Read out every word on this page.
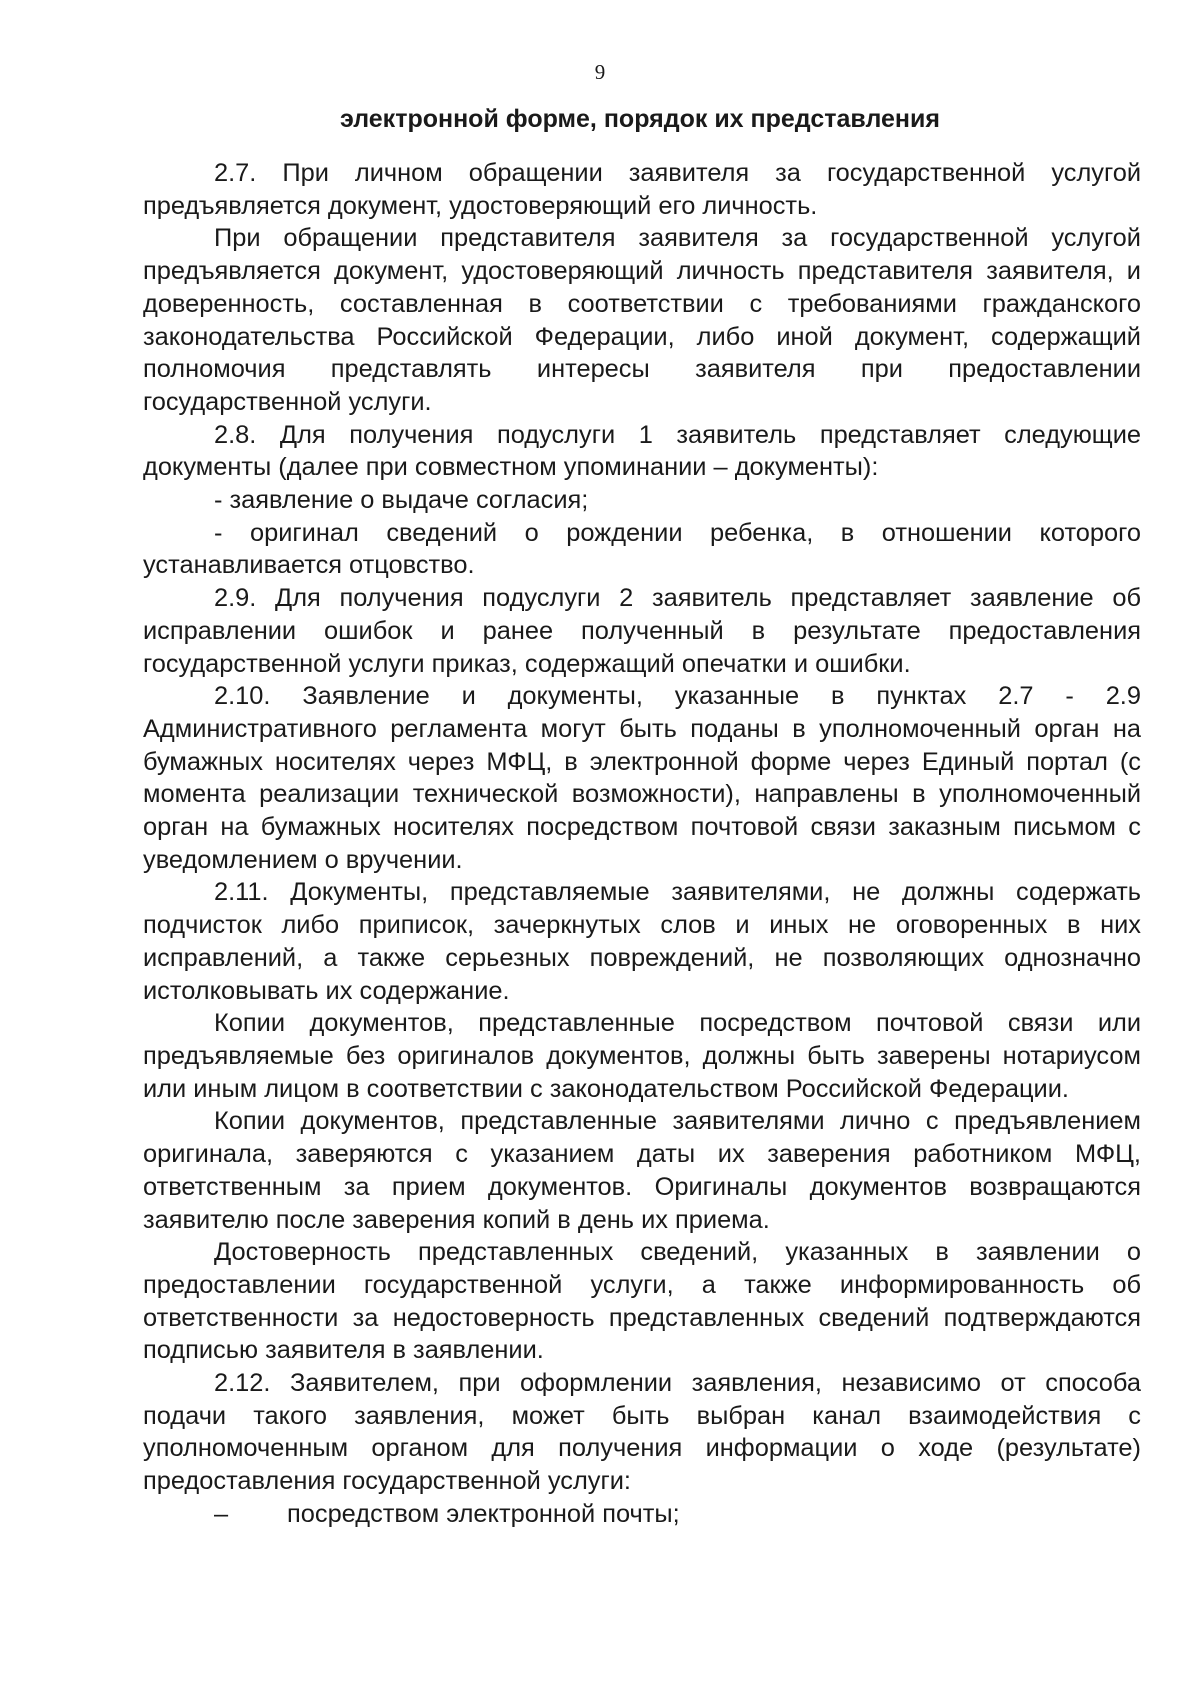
9
электронной форме, порядок их представления

2.7. При личном обращении заявителя за государственной услугой предъявляется документ, удостоверяющий его личность.

При обращении представителя заявителя за государственной услугой предъявляется документ, удостоверяющий личность представителя заявителя, и доверенность, составленная в соответствии с требованиями гражданского законодательства Российской Федерации, либо иной документ, содержащий полномочия представлять интересы заявителя при предоставлении государственной услуги.

2.8. Для получения подуслуги 1 заявитель представляет следующие документы (далее при совместном упоминании – документы):

- заявление о выдаче согласия;

- оригинал сведений о рождении ребенка, в отношении которого устанавливается отцовство.

2.9. Для получения подуслуги 2 заявитель представляет заявление об исправлении ошибок и ранее полученный в результате предоставления государственной услуги приказ, содержащий опечатки и ошибки.

2.10. Заявление и документы, указанные в пунктах 2.7 - 2.9 Административного регламента могут быть поданы в уполномоченный орган на бумажных носителях через МФЦ, в электронной форме через Единый портал (с момента реализации технической возможности), направлены в уполномоченный орган на бумажных носителях посредством почтовой связи заказным письмом с уведомлением о вручении.

2.11. Документы, представляемые заявителями, не должны содержать подчисток либо приписок, зачеркнутых слов и иных не оговоренных в них исправлений, а также серьезных повреждений, не позволяющих однозначно истолковывать их содержание.

Копии документов, представленные посредством почтовой связи или предъявляемые без оригиналов документов, должны быть заверены нотариусом или иным лицом в соответствии с законодательством Российской Федерации.

Копии документов, представленные заявителями лично с предъявлением оригинала, заверяются с указанием даты их заверения работником МФЦ, ответственным за прием документов. Оригиналы документов возвращаются заявителю после заверения копий в день их приема.

Достоверность представленных сведений, указанных в заявлении о предоставлении государственной услуги, а также информированность об ответственности за недостоверность представленных сведений подтверждаются подписью заявителя в заявлении.

2.12. Заявителем, при оформлении заявления, независимо от способа подачи такого заявления, может быть выбран канал взаимодействия с уполномоченным органом для получения информации о ходе (результате) предоставления государственной услуги:

– посредством электронной почты;
